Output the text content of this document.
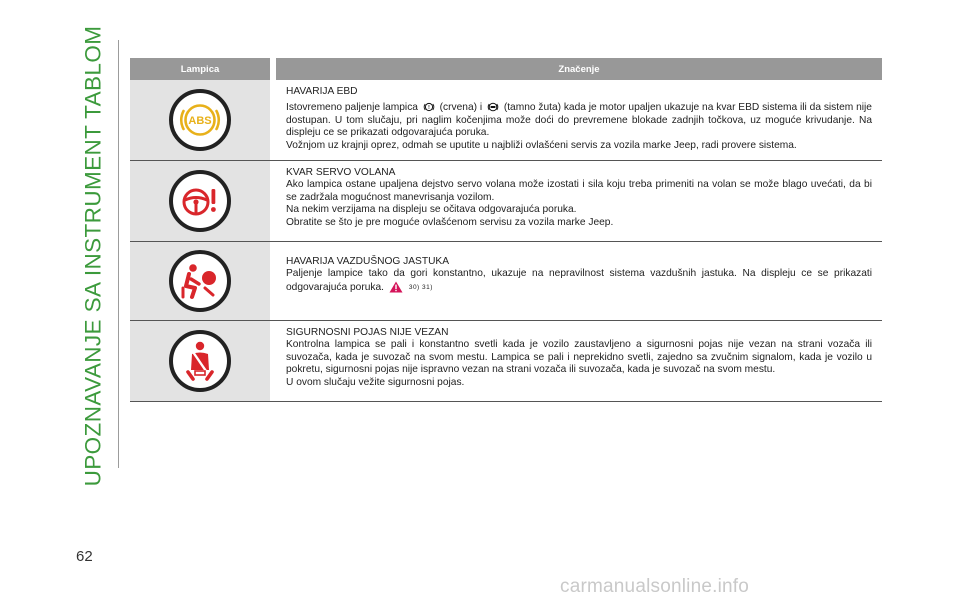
UPOZNAVANJE SA INSTRUMENT TABLOM
62
Lampica	Značenje
ABS
HAVARIJA EBD
Istovremeno paljenje lampica ! (crvena) i (tamno žuta) kada je motor upaljen ukazuje na kvar EBD sistema ili da sistem nije dostupan. U tom slučaju, pri naglim kočenjima može doći do prevremene blokade zadnjih točkova, uz moguće krivudanje. Na displeju ce se prikazati odgovarajuća poruka.
Vožnjom uz krajnji oprez, odmah se uputite u najbliži ovlašćeni servis za vozila marke Jeep, radi provere sistema.
KVAR SERVO VOLANA
Ako lampica ostane upaljena dejstvo servo volana može izostati i sila koju treba primeniti na volan se može blago uvećati, da bi se zadržala mogućnost manevrisanja vozilom.
Na nekim verzijama na displeju se očitava odgovarajuća poruka.
Obratite se što je pre moguće ovlašćenom servisu za vozila marke Jeep.
HAVARIJA VAZDUŠNOG JASTUKA
Paljenje lampice tako da gori konstantno, ukazuje na nepravilnost sistema vazdušnih jastuka. Na displeju ce se prikazati odgovarajuća poruka.	30) 31)
SIGURNOSNI POJAS NIJE VEZAN
Kontrolna lampica se pali i konstantno svetli kada je vozilo zaustavljeno a sigurnosni pojas nije vezan na strani vozača ili suvozača, kada je suvozač na svom mestu. Lampica se pali i neprekidno svetli, zajedno sa zvučnim signalom, kada je vozilo u pokretu, sigurnosni pojas nije ispravno vezan na strani vozača ili suvozača, kada je suvozač na svom mestu.
U ovom slučaju vežite sigurnosni pojas.
carmanualsonline.info
